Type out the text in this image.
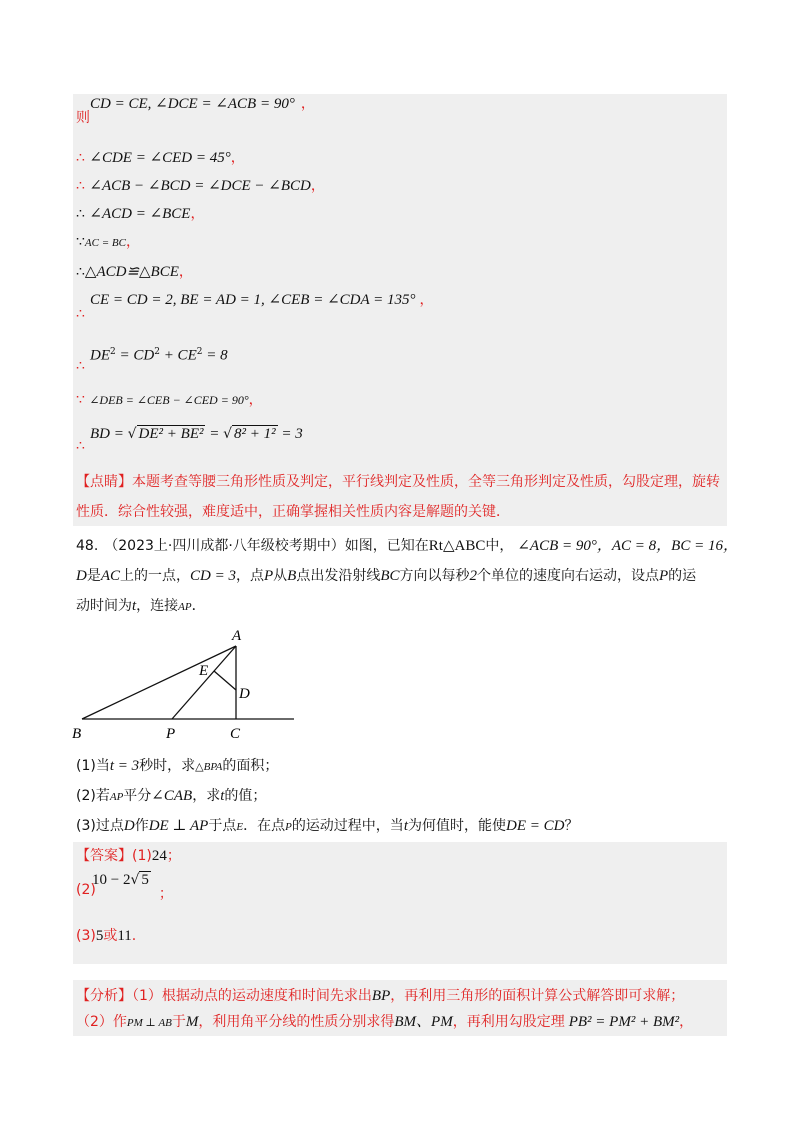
CD = CE, ∠DCE = ∠ACB = 90° ，
则
∴ ∠CDE = ∠CED = 45°，
∴ ∠ACB − ∠BCD = ∠DCE − ∠BCD，
∴ ∠ACD = ∠BCE，
∵AC = BC，
∴△ACD≌△BCE，
CE = CD = 2, BE = AD = 1, ∠CEB = ∠CDA = 135° ，
∴
$DE^2 = CD^2 + CE^2 = 8$
∴
∵ ∠DEB = ∠CEB − ∠CED = 90°，
BD = √ DE² + BE² = √ 8² + 1² = 3
∴
【点睛】本题考查等腰三角形性质及判定，平行线判定及性质，全等三角形判定及性质，勾股定理，旋转
性质．综合性较强，难度适中，正确掌握相关性质内容是解题的关键．
48. （2023上·四川成都·八年级校考期中）如图，已知在Rt△ABC中， ∠ACB = 90°，AC = 8，BC = 16，
D是AC上的一点，CD = 3，点P从B点出发沿射线BC方向以每秒2个单位的速度向右运动，设点P的运
动时间为t，连接AP．
A
E
D
B	P	C
(1)当t = 3秒时，求△BPA的面积；
(2)若AP平分∠CAB，求t的值；
(3)过点D作DE ⊥ AP于点E．在点P的运动过程中，当t为何值时，能使DE = CD？
【答案】(1)24；
(2)
10 − 2√ 5；
(3)5或11.
【分析】（1）根据动点的运动速度和时间先求出BP，再利用三角形的面积计算公式解答即可求解；
（2）作PM ⊥ AB于M，利用角平分线的性质分别求得BM、PM，再利用勾股定理 PB² = PM² + BM²，
